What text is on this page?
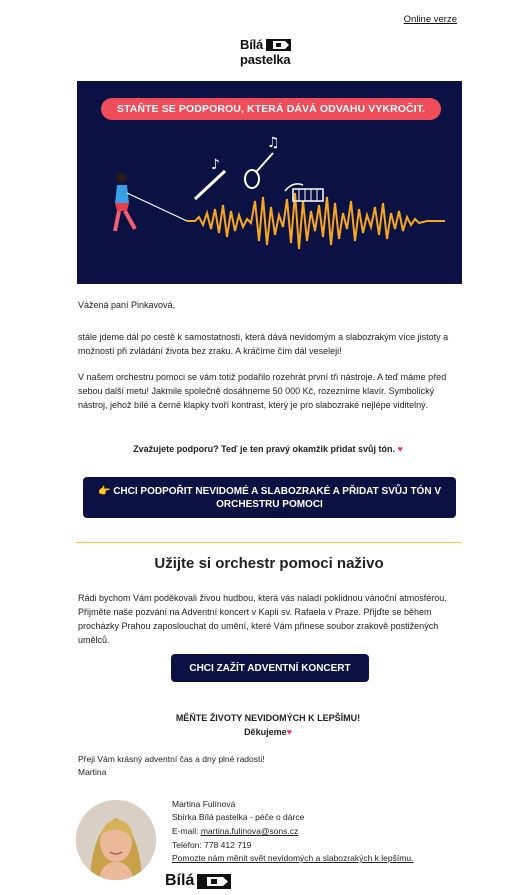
Online verze
Bílá
pastelka
♪
♫
STAŇTE SE PODPOROU, KTERÁ DÁVÁ ODVAHU VYKROČIT.
Vážená paní Pinkavová,
stále jdeme dál po cestě k samostatnosti, která dává nevidomým a slabozrakým více jistoty a možností při zvládání života bez zraku. A kráčíme čím dál veseleji!
V našem orchestru pomoci se vám totiž podařilo rozehrát první tři nástroje. A teď máme před sebou další metu! Jakmile společně dosáhneme 50 000 Kč, rozezníme klavír. Symbolický nástroj, jehož bílé a černé klapky tvoří kontrast, který je pro slabozraké nejlépe viditelný.
Zvažujete podporu? Teď je ten pravý okamžik přidat svůj tón. ♥
👉 CHCI PODPOŘIT NEVIDOMÉ A SLABOZRAKÉ A PŘIDAT SVŮJ TÓN V ORCHESTRU POMOCI
Užijte si orchestr pomoci naživo
Rádi bychom Vám poděkovali živou hudbou, která vás naladí poklidnou vánoční atmosférou. Přijměte naše pozvání na Adventní koncert v Kapli sv. Rafaela v Praze. Přijďte se během procházky Prahou zaposlouchat do umění, které Vám přinese soubor zrakově postižených umělců.
CHCI ZAŽÍT ADVENTNÍ KONCERT
MĚŇTE ŽIVOTY NEVIDOMÝCH K LEPŠÍMU!
Děkujeme♥
Přeji Vám krásný adventní čas a dny plné radosti!
Martina
Martina Fulínová
Sbírka Bílá pastelka - péče o dárce
E-mail: martina.fulinova@sons.cz
Telefon: 778 412 719
Pomozte nám měnit svět nevidomých a slabozrakých k lepšímu.
Bílá
